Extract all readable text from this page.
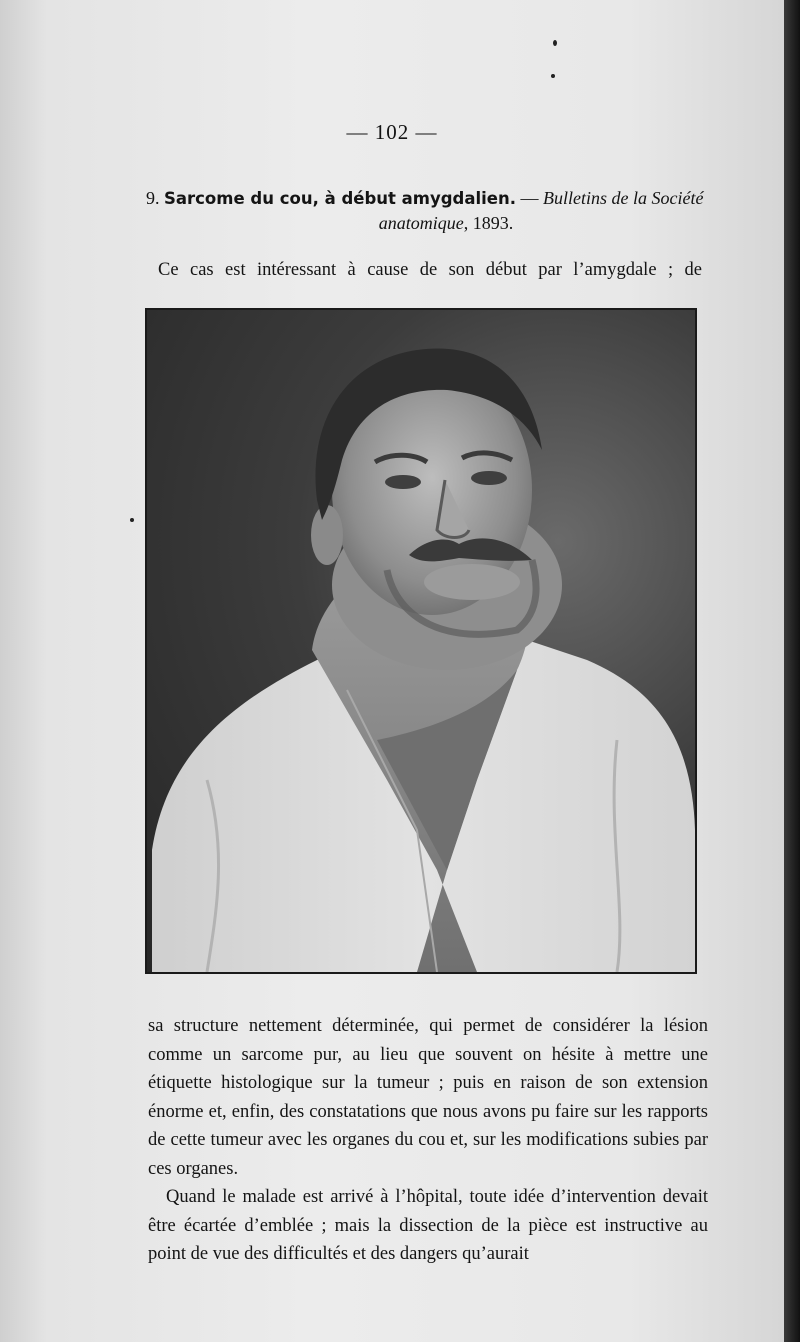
— 102 —
9. Sarcome du cou, à début amygdalien. — Bulletins de la Société
anatomique, 1893.
Ce cas est intéressant à cause de son début par l’amygdale ; de

sa structure nettement déterminée, qui permet de considérer la lésion comme un sarcome pur, au lieu que souvent on hésite à mettre une étiquette histologique sur la tumeur ; puis en raison de son extension énorme et, enfin, des constatations que nous avons pu faire sur les rapports de cette tumeur avec les organes du cou et, sur les modifications subies par ces organes.

Quand le malade est arrivé à l’hôpital, toute idée d’intervention devait être écartée d’emblée ; mais la dissection de la pièce est instructive au point de vue des difficultés et des dangers qu’aurait
